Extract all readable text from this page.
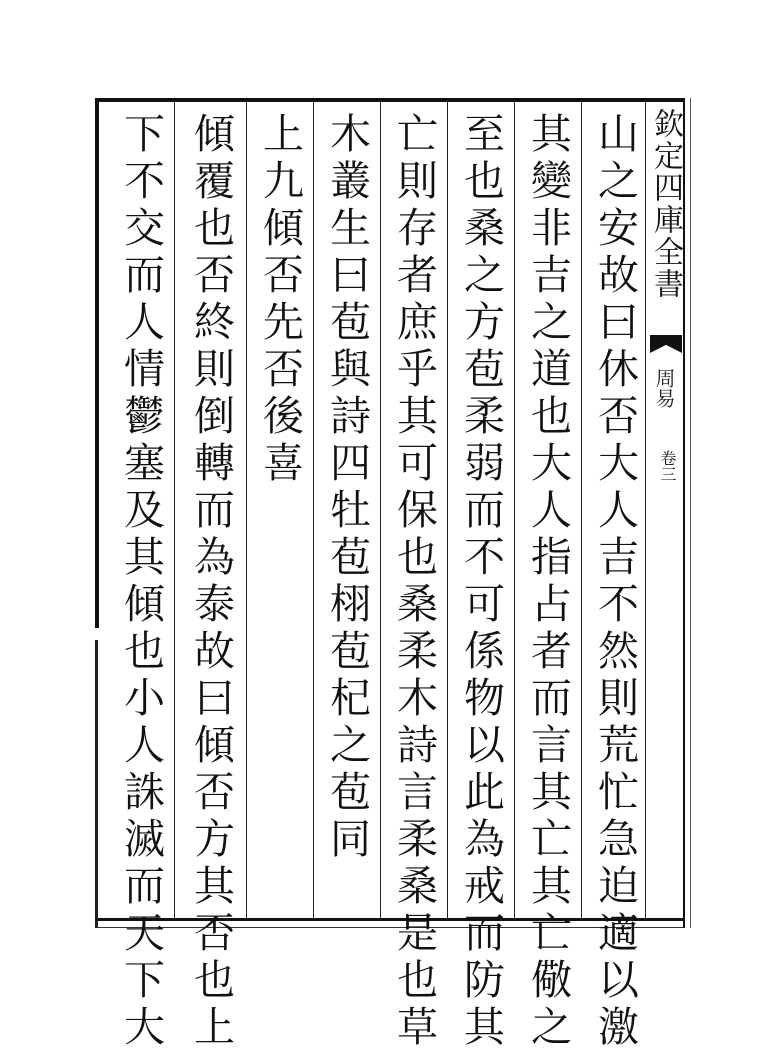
欽定四庫全書
周易
卷三
山之安故曰休否大人吉不然則荒忙急迫適以激
其變非吉之道也大人指占者而言其亡其亡儆之
至也桑之方苞柔弱而不可係物以此為戒而防其
亡則存者庶乎其可保也桑柔木詩言柔桑是也草
木叢生曰苞與詩四牡苞栩苞杞之苞同
上九傾否先否後喜
傾覆也否終則倒轉而為泰故曰傾否方其否也上
下不交而人情鬱塞及其傾也小人誅滅而天下大
